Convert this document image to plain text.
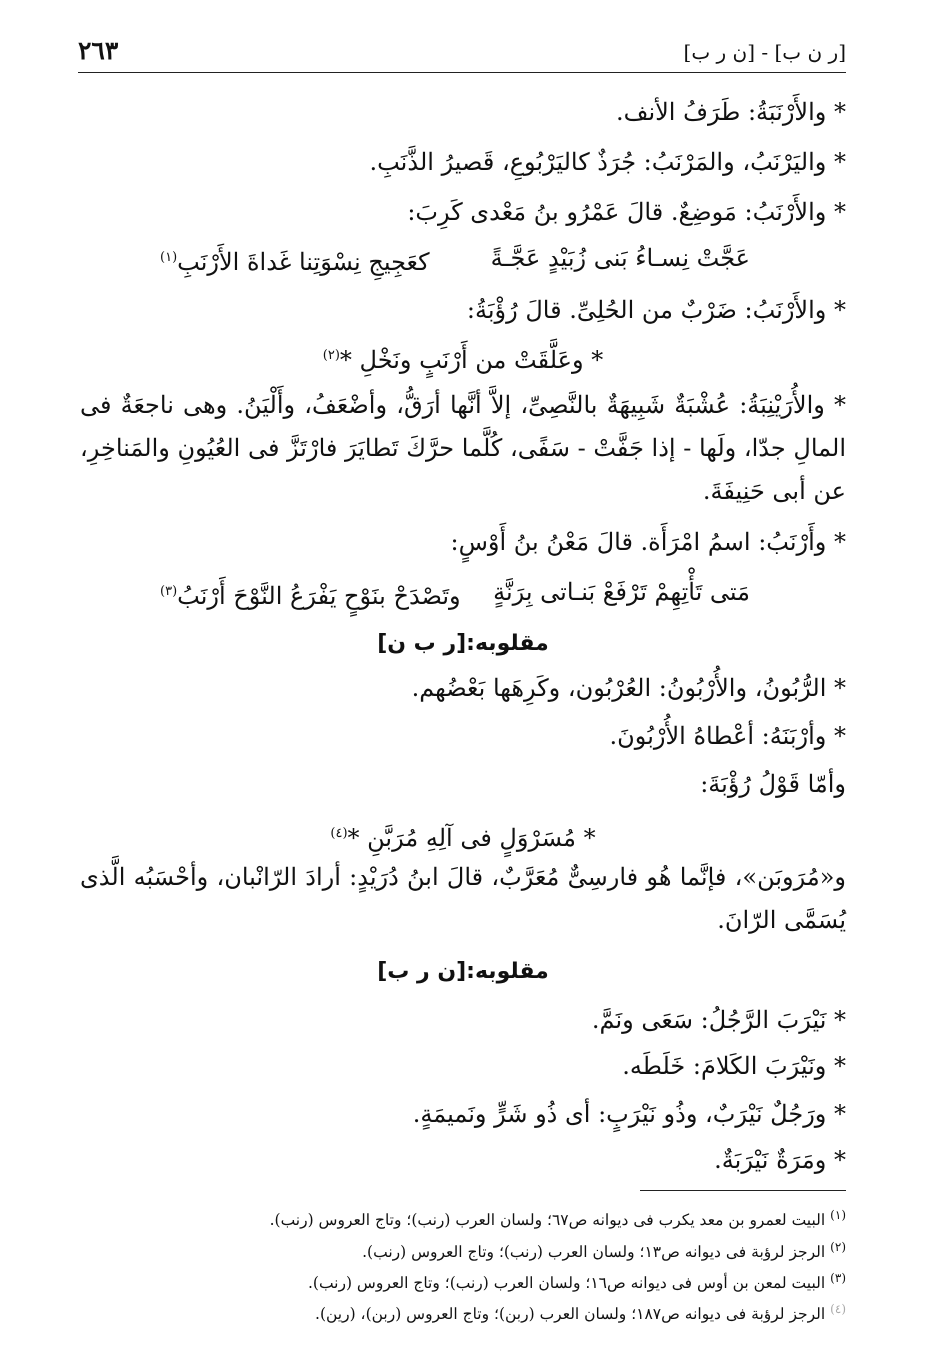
[ر ن ب] - [ن ر ب]
٢٦٣
* والأَرْنَبَةُ: طَرَفُ الأنف.
* واليَرْنَبُ، والمَرْنَبُ: جُرَذٌ كاليَرْبُوعِ، قَصيرُ الذَّنَبِ.
* والأَرْنَبُ: مَوضِعٌ. قالَ عَمْرُو بنُ مَعْدى كَرِبَ:
عَجَّتْ نِسـاءُ بَنى زُبَيْدٍ عَجَّـةً
كعَجِيجِ نِسْوَتِنا غَداةَ الأَرْنَبِ$^{(١)}$
* والأَرْنَبُ: ضَرْبٌ من الحُلِىِّ. قالَ رُؤْبَةُ:
* وعَلَّقَتْ من أَرْنَبٍ ونَخْلِ *$^{(٢)}$
* والأُرَيْنِبَةُ: عُشْبَةٌ شَبِيهَةٌ بالنَّصِىِّ، إلاَّ أنَّها أرَقُّ، وأضْعَفُ، وأَلْيَنُ. وهى ناجعَةٌ فى المالِ جدّا، ولَها - إذا جَفَّتْ - سَفًى، كُلَّما حرَّكَ تَطايَرَ فارْتَزَّ فى العُيُونِ والمَناخِرِ، عن أبى حَنِيفَةَ.
* وأَرْنَبُ: اسمُ امْرَأَة. قالَ مَعْنُ بنُ أَوْسٍ:
مَتى تَأْتِهِمْ تَرْفَعْ بَنـاتى بِرَنَّةٍ
وتَصْدَحْ بنَوْحٍ يَفْرَعُ النَّوْحَ أَرْنَبُ$^{(٣)}$
مقلوبه:[ر ب ن]
* الرُّبُونُ، والأُرْبُونُ: العُرْبُون، وكَرِهَها بَعْضُهم.
* وأرْبَنَهُ: أعْطاهُ الأُرْبُونَ.
وأمّا قَوْلُ رُؤْبَةَ:
* مُسَرْوَلٍ فى آلِهِ مُرَبَّنِ *$^{(٤)}$
و«مُرَوبَن»، فإنَّما هُو فارسِىٌّ مُعَرَّبٌ، قالَ ابنُ دُرَيْدٍ: أرادَ الرّانْبان، وأحْسَبُه الَّذى يُسَمَّى الرّانَ.
مقلوبه:[ن ر ب]
* نَيْرَبَ الرَّجُلُ: سَعَى ونَمَّ.
* ونَيْرَبَ الكَلامَ: خَلَطَه.
* ورَجُلٌ نَيْرَبٌ، وذُو نَيْرَبٍ: أى ذُو شَرٍّ ونَميمَةٍ.
* ومَرَةٌ نَيْرَبَةٌ.
$^{(١)}$البيت لعمرو بن معد يكرب فى ديوانه ص٦٧؛ ولسان العرب (رنب)؛ وتاج العروس (رنب).
$^{(٢)}$الرجز لرؤبة فى ديوانه ص١٣؛ ولسان العرب (رنب)؛ وتاج العروس (رنب).
$^{(٣)}$البيت لمعن بن أوس فى ديوانه ص١٦؛ ولسان العرب (رنب)؛ وتاج العروس (رنب).
$^{(٤)}$الرجز لرؤبة فى ديوانه ص١٨٧؛ ولسان العرب (ربن)؛ وتاج العروس (ربن)، (رين).
